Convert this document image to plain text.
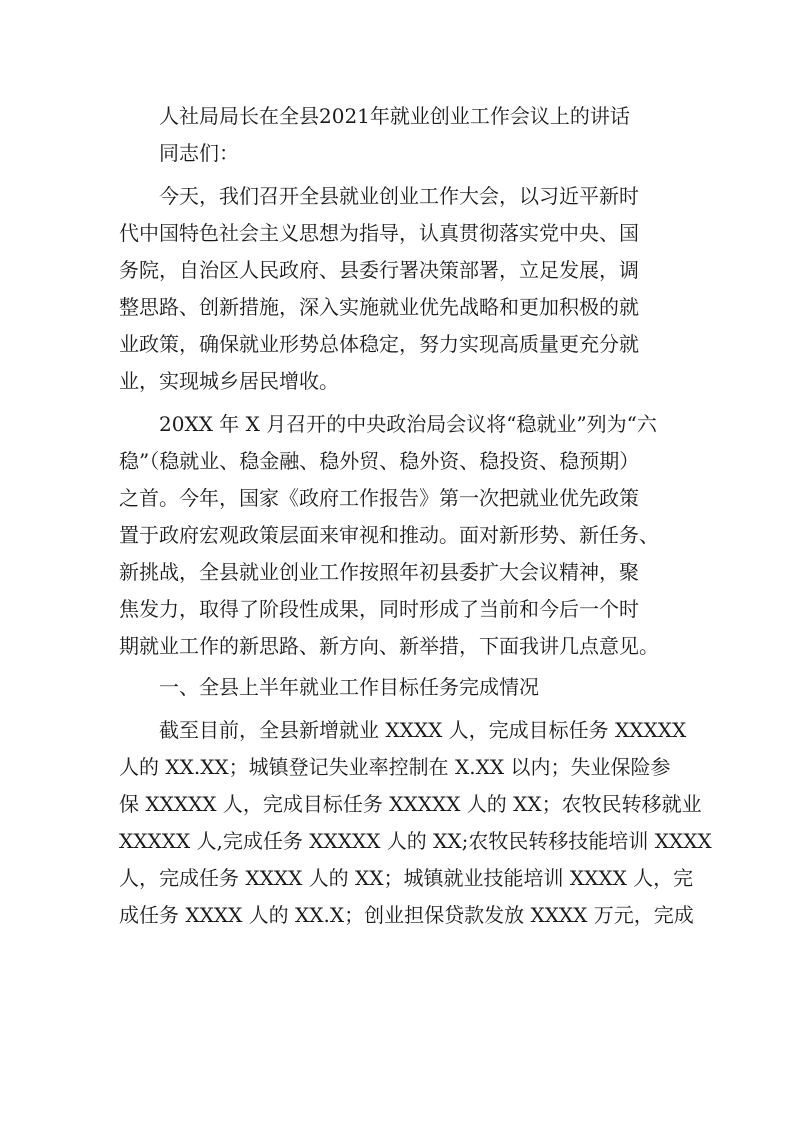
人社局局长在全县2021年就业创业工作会议上的讲话
同志们：
今天，我们召开全县就业创业工作大会，以习近平新时
代中国特色社会主义思想为指导，认真贯彻落实党中央、国
务院，自治区人民政府、县委行署决策部署，立足发展，调
整思路、创新措施，深入实施就业优先战略和更加积极的就
业政策，确保就业形势总体稳定，努力实现高质量更充分就
业，实现城乡居民增收。
20XX 年 X 月召开的中央政治局会议将“稳就业”列为“六
稳”（稳就业、稳金融、稳外贸、稳外资、稳投资、稳预期）
之首。今年，国家《政府工作报告》第一次把就业优先政策
置于政府宏观政策层面来审视和推动。面对新形势、新任务、
新挑战，全县就业创业工作按照年初县委扩大会议精神，聚
焦发力，取得了阶段性成果，同时形成了当前和今后一个时
期就业工作的新思路、新方向、新举措，下面我讲几点意见。
一、全县上半年就业工作目标任务完成情况
截至目前，全县新增就业 XXXX 人，完成目标任务 XXXXX
人的 XX.XX；城镇登记失业率控制在 X.XX 以内；失业保险参
保 XXXXX 人，完成目标任务 XXXXX 人的 XX；农牧民转移就业
XXXXX 人,完成任务 XXXXX 人的 XX;农牧民转移技能培训 XXXX
人，完成任务 XXXX 人的 XX；城镇就业技能培训 XXXX 人，完
成任务 XXXX 人的 XX.X；创业担保贷款发放 XXXX 万元，完成
